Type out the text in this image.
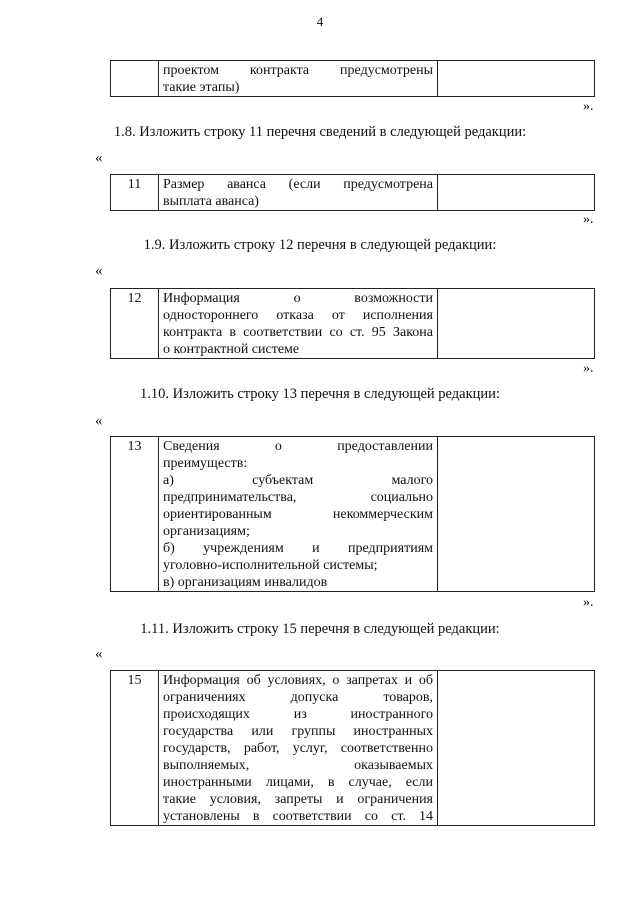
4

проектом контракта предусмотрены
такие этапы)

».
1.8. Изложить строку 11 перечня сведений в следующей редакции:
«
11	Размер аванса (если предусмотрена
выплата аванса)

».
1.9. Изложить строку 12 перечня в следующей редакции:
«
12	Информация о возможности
одностороннего отказа от исполнения
контракта в соответствии со ст. 95 Закона
о контрактной системе

».
1.10. Изложить строку 13 перечня в следующей редакции:
«
13	Сведения о предоставлении
преимуществ:
а) субъектам малого
предпринимательства, социально
ориентированным некоммерческим
организациям;
б) учреждениям и предприятиям
уголовно-исполнительной системы;
в) организациям инвалидов

».
1.11. Изложить строку 15 перечня в следующей редакции:
«
15	Информация об условиях, о запретах и об
ограничениях допуска товаров,
происходящих из иностранного
государства или группы иностранных
государств, работ, услуг, соответственно
выполняемых, оказываемых
иностранными лицами, в случае, если
такие условия, запреты и ограничения
установлены в соответствии со ст. 14
